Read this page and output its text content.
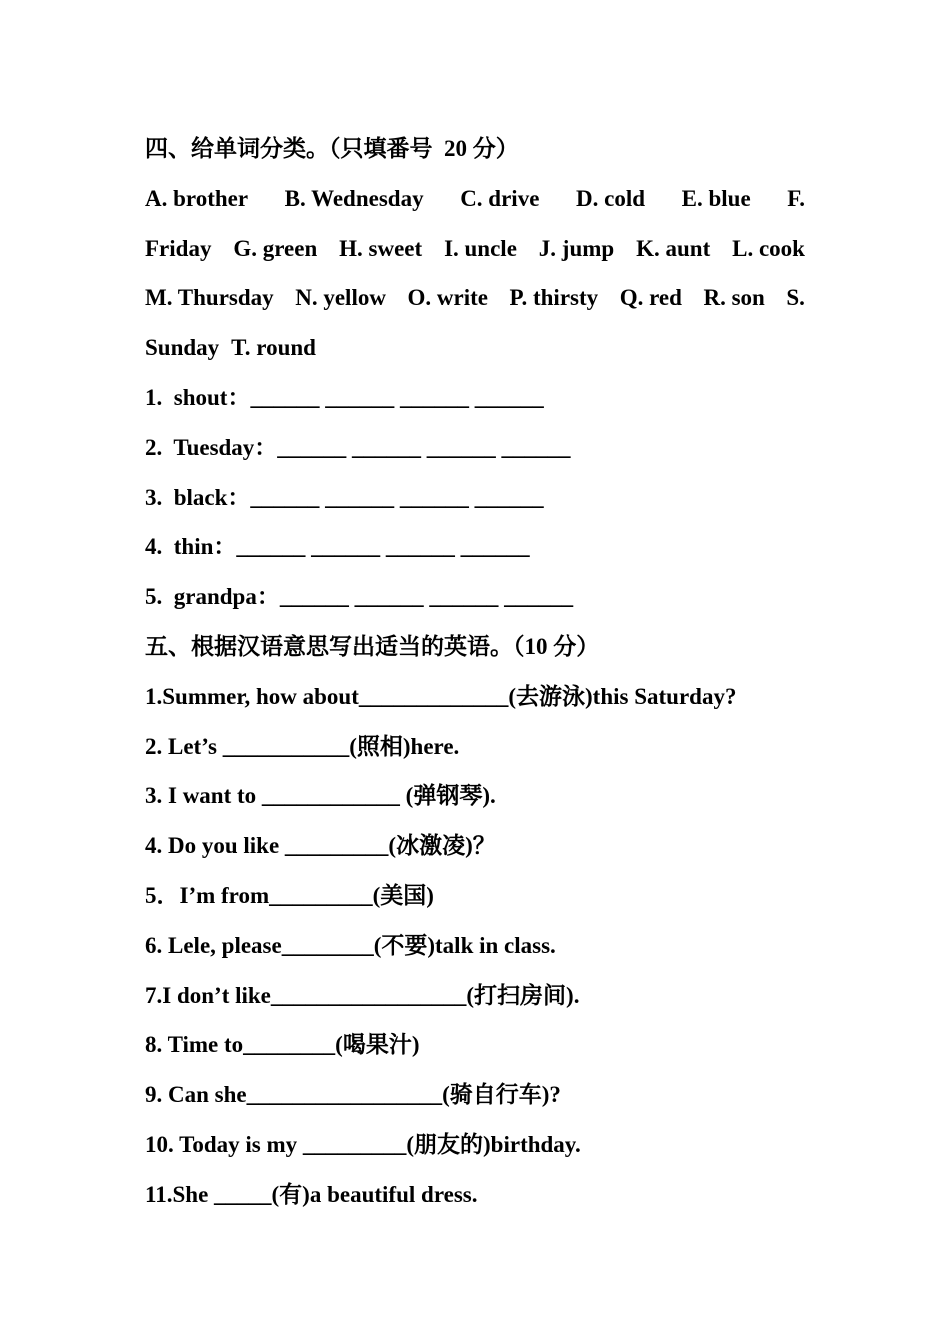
四、给单词分类。（只填番号  20 分）
A. brother B. Wednesday C. drive D. cold E. blue F.
Friday G. green H. sweet I. uncle J. jump K. aunt L. cook
M. Thursday N. yellow O. write P. thirsty Q. red R. son S.
Sunday T. round
1.  shout：______ ______ ______ ______
2.  Tuesday：______ ______ ______ ______
3.  black：______ ______ ______ ______
4.  thin：______ ______ ______ ______
5.  grandpa：______ ______ ______ ______
五、根据汉语意思写出适当的英语。（10 分）
1.Summer, how about_____________(去游泳)this Saturday?
2. Let’s ___________(照相)here.
3. I want to ____________ (弹钢琴).
4. Do you like _________(冰激凌)？
5．I’m from_________(美国)
6. Lele, please________(不要)talk in class.
7.I don’t like_________________(打扫房间).
8. Time to________(喝果汁)
9. Can she_________________(骑自行车)?
10. Today is my _________(朋友的)birthday.
11.She _____(有)a beautiful dress.
